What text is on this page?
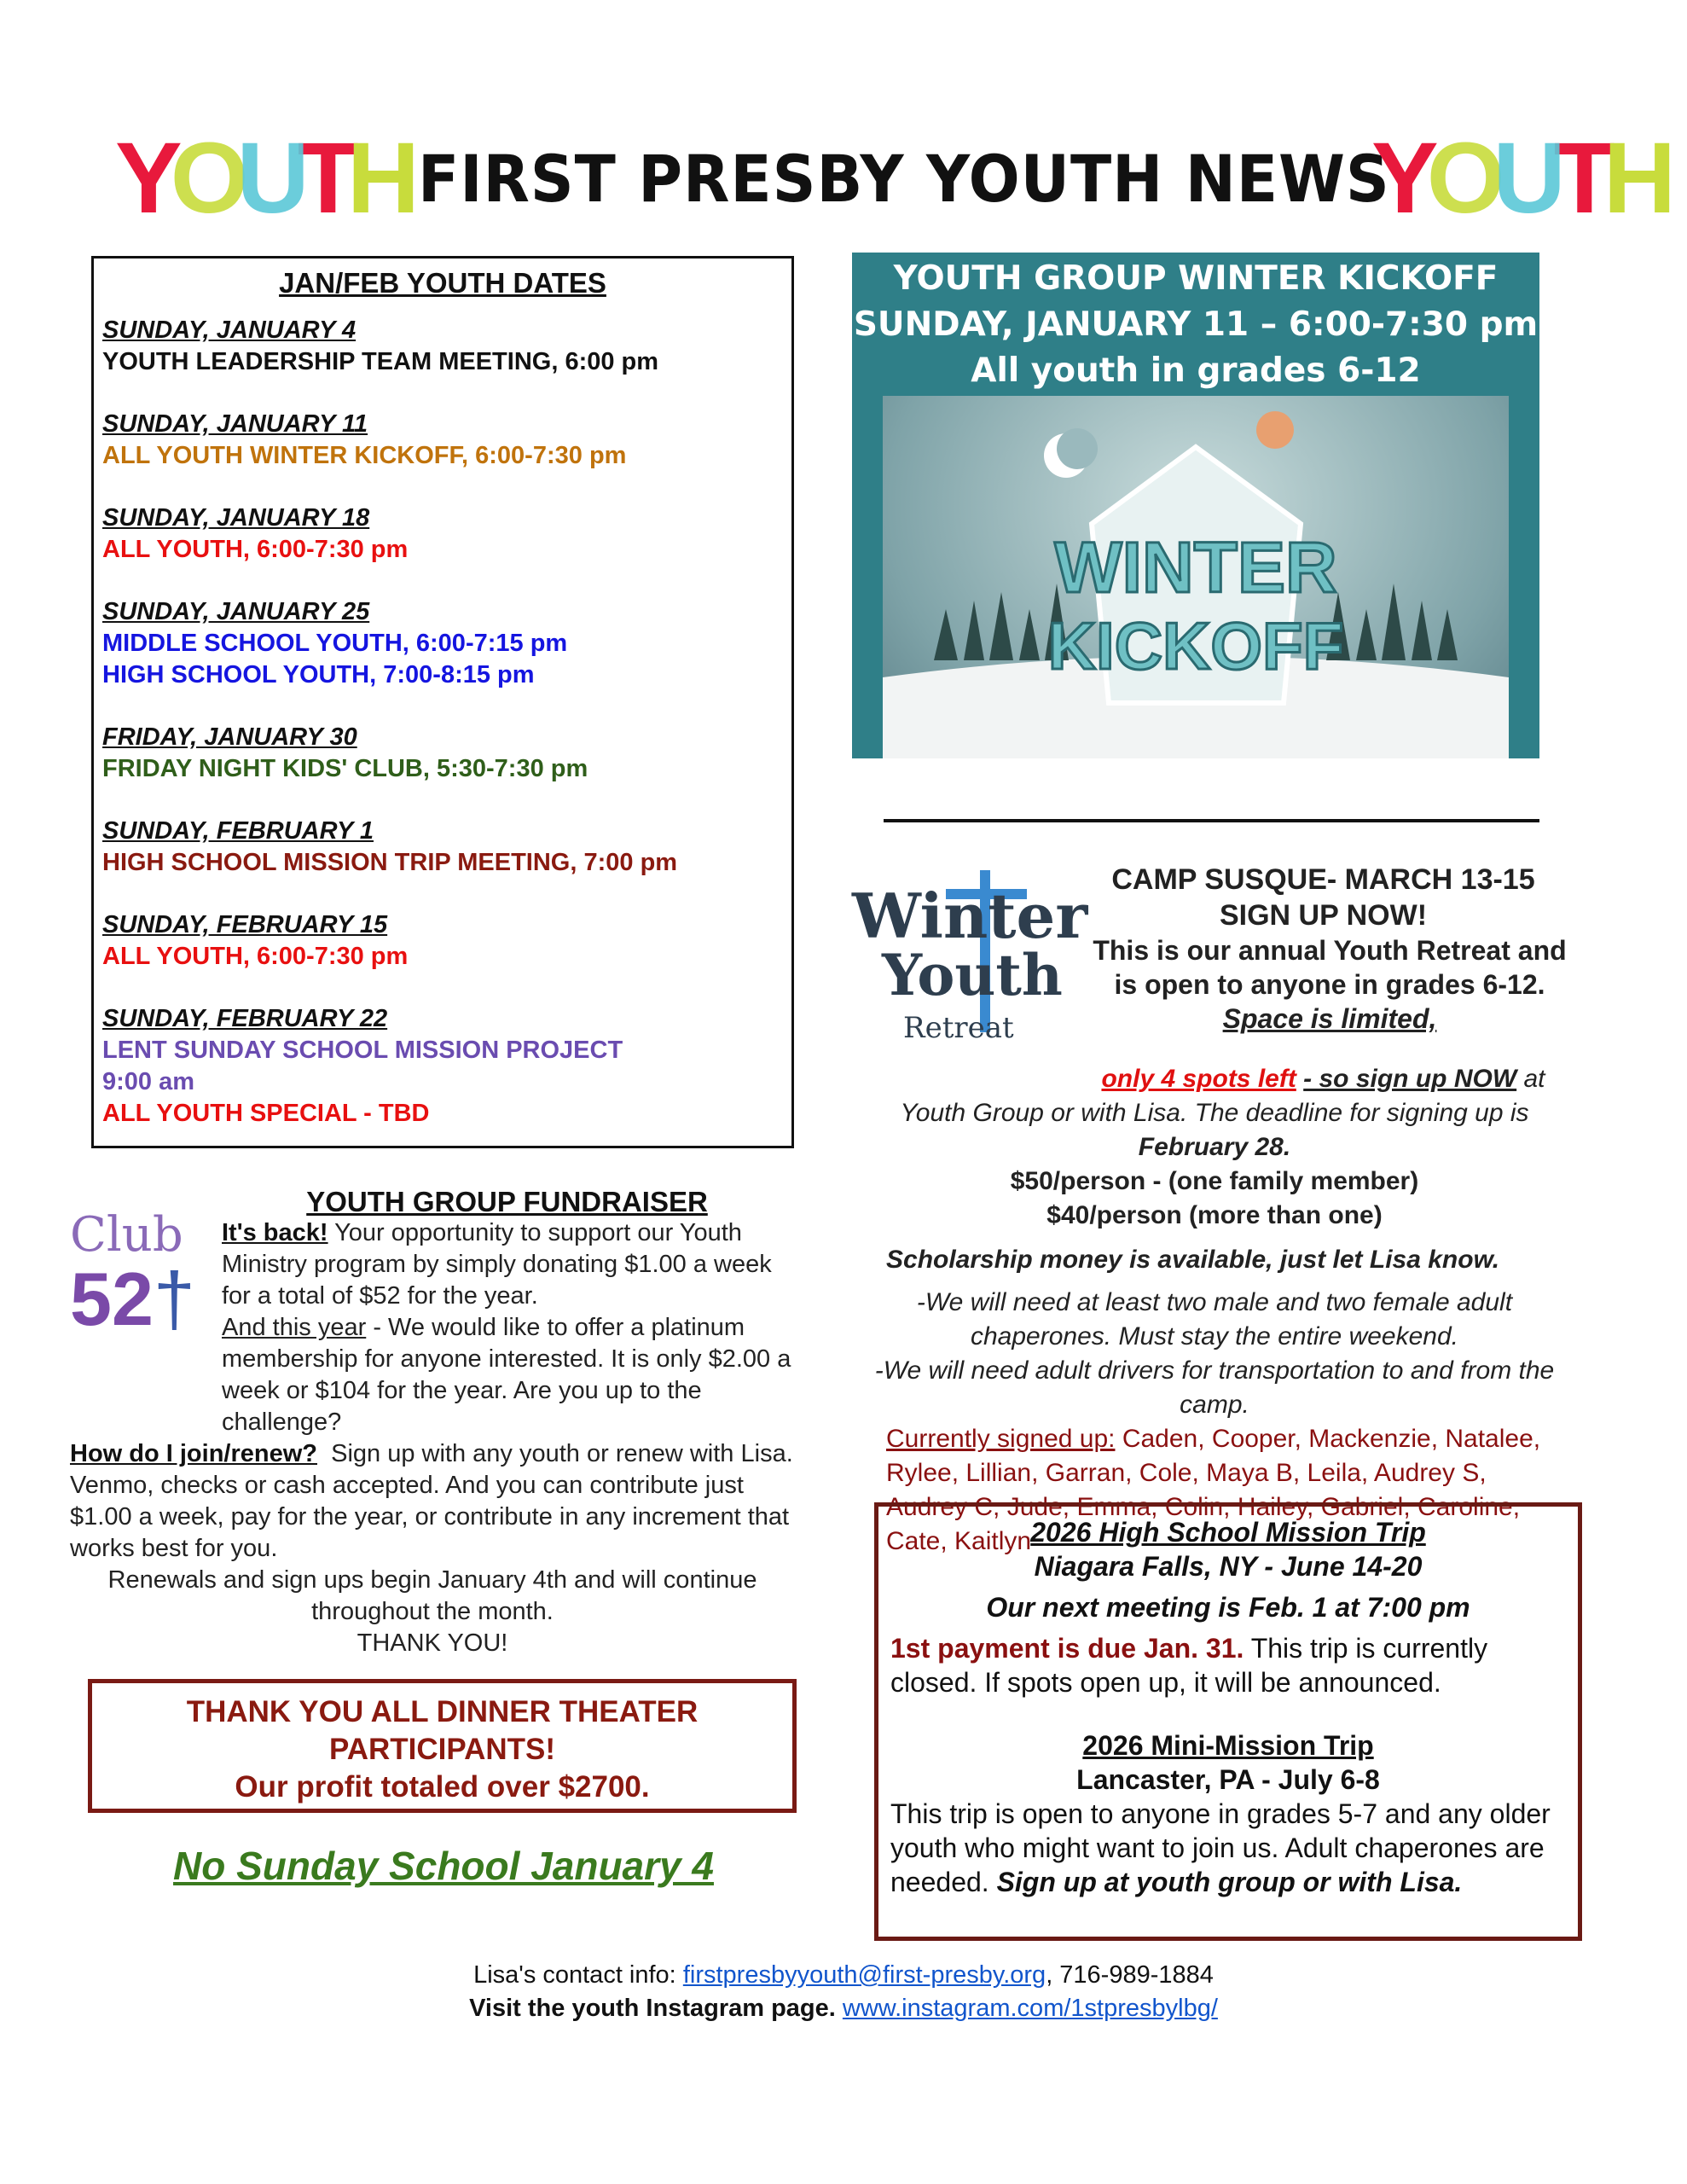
YOUTH FIRST PRESBY YOUTH NEWS
YOUTH
JAN/FEB YOUTH DATES
SUNDAY, JANUARY 4
YOUTH LEADERSHIP TEAM MEETING, 6:00 pm
SUNDAY, JANUARY 11
ALL YOUTH WINTER KICKOFF, 6:00-7:30 pm
SUNDAY, JANUARY 18
ALL YOUTH, 6:00-7:30 pm
SUNDAY, JANUARY 25
MIDDLE SCHOOL YOUTH, 6:00-7:15 pm
HIGH SCHOOL YOUTH, 7:00-8:15 pm
FRIDAY, JANUARY 30
FRIDAY NIGHT KIDS' CLUB, 5:30-7:30 pm
SUNDAY, FEBRUARY 1
HIGH SCHOOL MISSION TRIP MEETING, 7:00 pm
SUNDAY, FEBRUARY 15
ALL YOUTH, 6:00-7:30 pm
SUNDAY, FEBRUARY 22
LENT SUNDAY SCHOOL MISSION PROJECT
9:00 am
ALL YOUTH SPECIAL - TBD
YOUTH GROUP WINTER KICKOFF
SUNDAY, JANUARY 11 – 6:00-7:30 pm
All youth in grades 6-12
WINTER
KICKOFF
Winter
Youth
Retreat
CAMP SUSQUE- MARCH 13-15
SIGN UP NOW!
This is our annual Youth Retreat and is open to anyone in grades 6-12. Space is limited,
only 4 spots left - so sign up NOW at Youth Group or with Lisa. The deadline for signing up is February 28.
$50/person - (one family member)
$40/person (more than one)
Scholarship money is available, just let Lisa know.
-We will need at least two male and two female adult chaperones. Must stay the entire weekend.
-We will need adult drivers for transportation to and from the camp.
Currently signed up: Caden, Cooper, Mackenzie, Natalee, Rylee, Lillian, Garran, Cole, Maya B, Leila, Audrey S, Audrey C, Jude, Emma, Colin, Hailey, Gabriel, Caroline, Cate, Kaitlyn
Club
52†
YOUTH GROUP FUNDRAISER
It's back! Your opportunity to support our Youth Ministry program by simply donating $1.00 a week for a total of $52 for the year.
And this year - We would like to offer a platinum membership for anyone interested. It is only $2.00 a week or $104 for the year. Are you up to the challenge?
How do I join/renew? Sign up with any youth or renew with Lisa. Venmo, checks or cash accepted. And you can contribute just $1.00 a week, pay for the year, or contribute in any increment that works best for you.
Renewals and sign ups begin January 4th and will continue throughout the month.
THANK YOU!
THANK YOU ALL DINNER THEATER PARTICIPANTS!
Our profit totaled over $2700.
No Sunday School January 4
2026 High School Mission Trip
Niagara Falls, NY - June 14-20
Our next meeting is Feb. 1 at 7:00 pm
1st payment is due Jan. 31. This trip is currently closed. If spots open up, it will be announced.
2026 Mini-Mission Trip
Lancaster, PA - July 6-8
This trip is open to anyone in grades 5-7 and any older youth who might want to join us. Adult chaperones are needed. Sign up at youth group or with Lisa.
Lisa's contact info: firstpresbyyouth@first-presby.org, 716-989-1884
Visit the youth Instagram page. www.instagram.com/1stpresbylbg/
